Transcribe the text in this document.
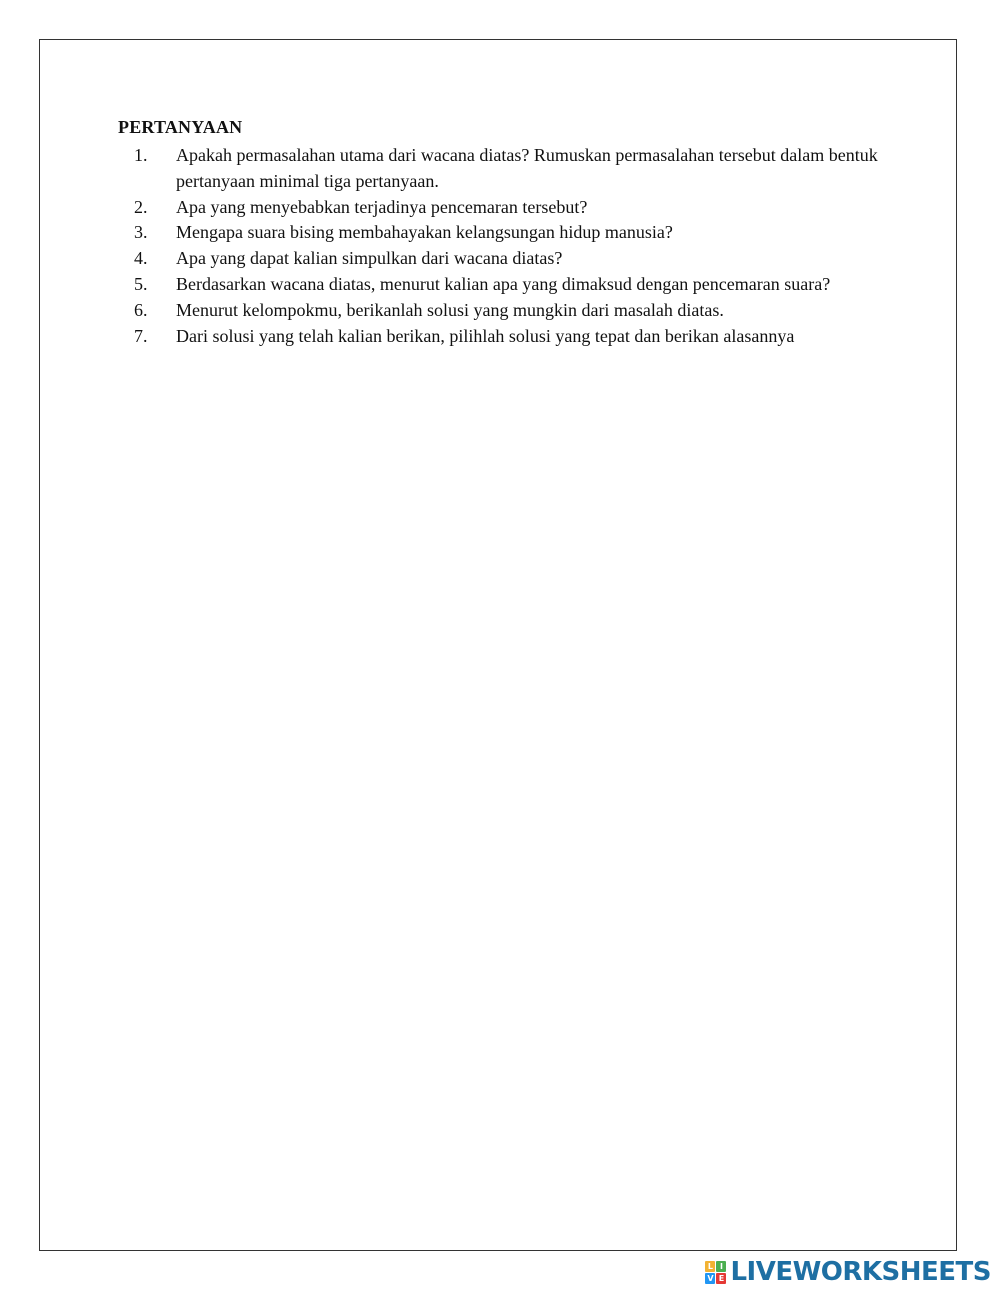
PERTANYAAN
1.	Apakah permasalahan utama dari wacana diatas? Rumuskan permasalahan tersebut dalam bentuk pertanyaan minimal tiga pertanyaan.
2.	Apa yang menyebabkan terjadinya pencemaran tersebut?
3.	Mengapa suara bising membahayakan kelangsungan hidup manusia?
4.	Apa yang dapat kalian simpulkan dari wacana diatas?
5.	Berdasarkan wacana diatas, menurut kalian apa yang dimaksud dengan pencemaran suara?
6.	Menurut kelompokmu, berikanlah solusi yang mungkin dari masalah diatas.
7.	Dari solusi yang telah kalian berikan, pilihlah solusi yang tepat dan berikan alasannya
L I
V E LIVEWORKSHEETS
